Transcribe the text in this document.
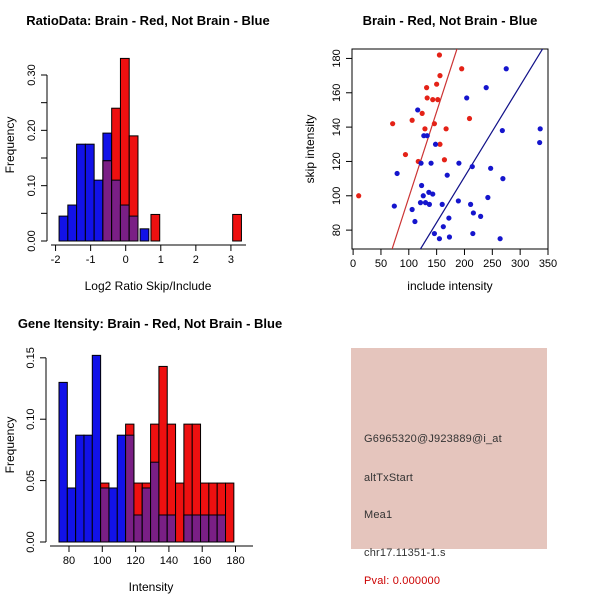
RatioData: Brain - Red, Not Brain - Blue
Log2 Ratio Skip/Include
Frequency
-2 -1 0	1	2	3
0.00
0.10
0.20
0.30
Brain - Red, Not Brain - Blue
include intensity
skip intensity
0 50 100 150 200 250 300 350
80
100
120
140
160
180
Gene Itensity: Brain - Red, Not Brain - Blue
Intensity
Frequency
80 100 120 140 160 180
0.00
0.05
0.10
0.15
G6965320@J923889@i_at
altTxStart
Mea1
chr17.11351-1.s
Pval: 0.000000
